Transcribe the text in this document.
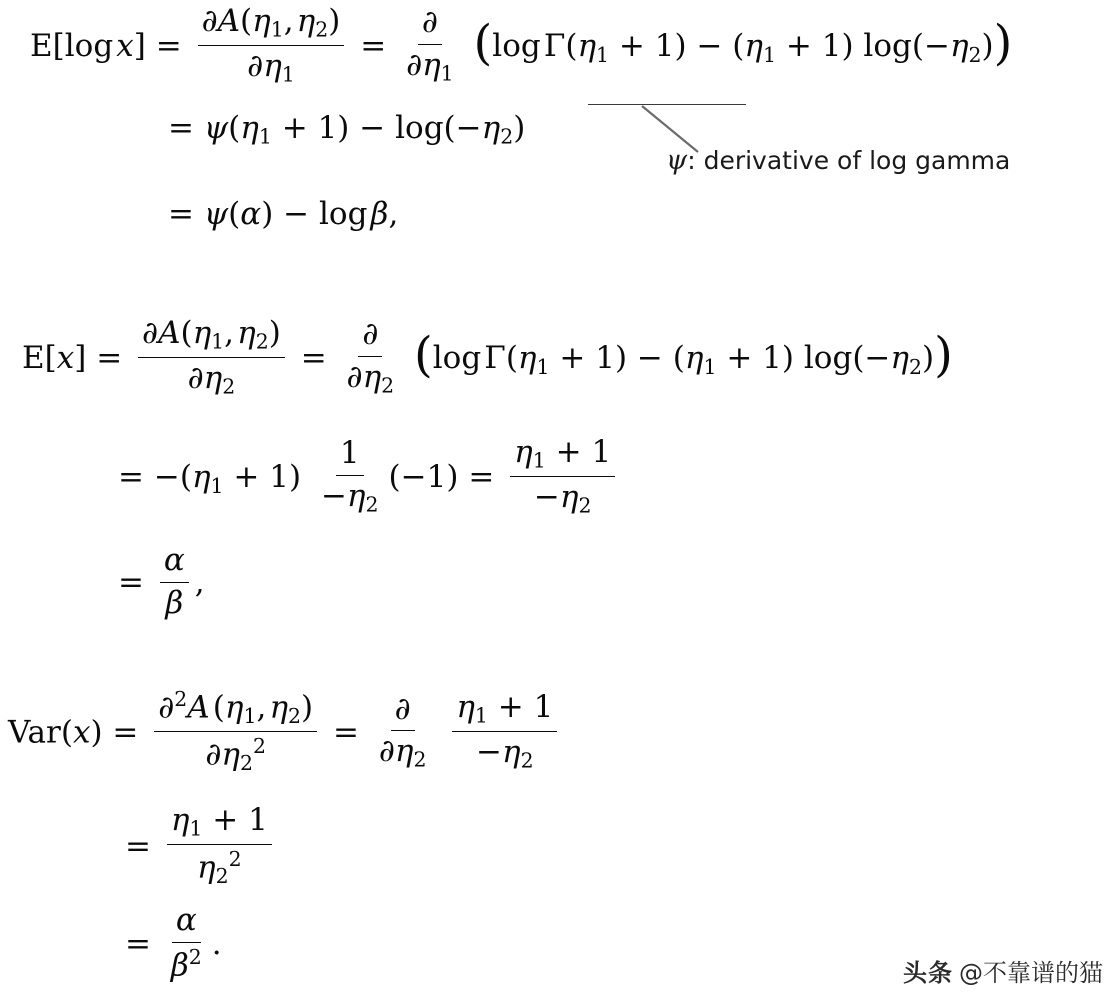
E[log $x] = \frac{\partial A(\eta_1, \eta_2)}{\partial\eta_1} = \frac{\partial}{\partial\eta_1} (\log$ $\Gamma(\eta_1 + 1) - (\eta_1 + 1)$ $\log(-\eta_2)$)
= $\psi(\eta_1 + 1) - \log(-\eta_2)$
= ψ(α) − log β,
ψ: derivative of log gamma
$E[x] = \frac{\partial A(\eta_1, \eta_2)}{\partial\eta_2} = \frac{\partial}{\partial\eta_2} (\log$ $\Gamma(\eta_1 + 1) - (\eta_1 + 1)$ $\log(-\eta_2)$)
= $-(\eta_1 + 1) \frac{1}{-\eta_2} (-1) = \frac{\eta_1 + 1}{-\eta_2}$
= $\frac{\alpha}{\beta}$ ,
$Var(x) = \frac{\partial^2A (\eta_1, \eta_2)}{\partial\eta_2^2} = \frac{\partial}{\partial\eta_2}$
$\frac{\eta_1 + 1}{-\eta_2}$
= $\frac{\eta_1 + 1}{\eta_2^2}$
= $\frac{\alpha}{\beta^2}$ .
头条 @不靠谱的猫
